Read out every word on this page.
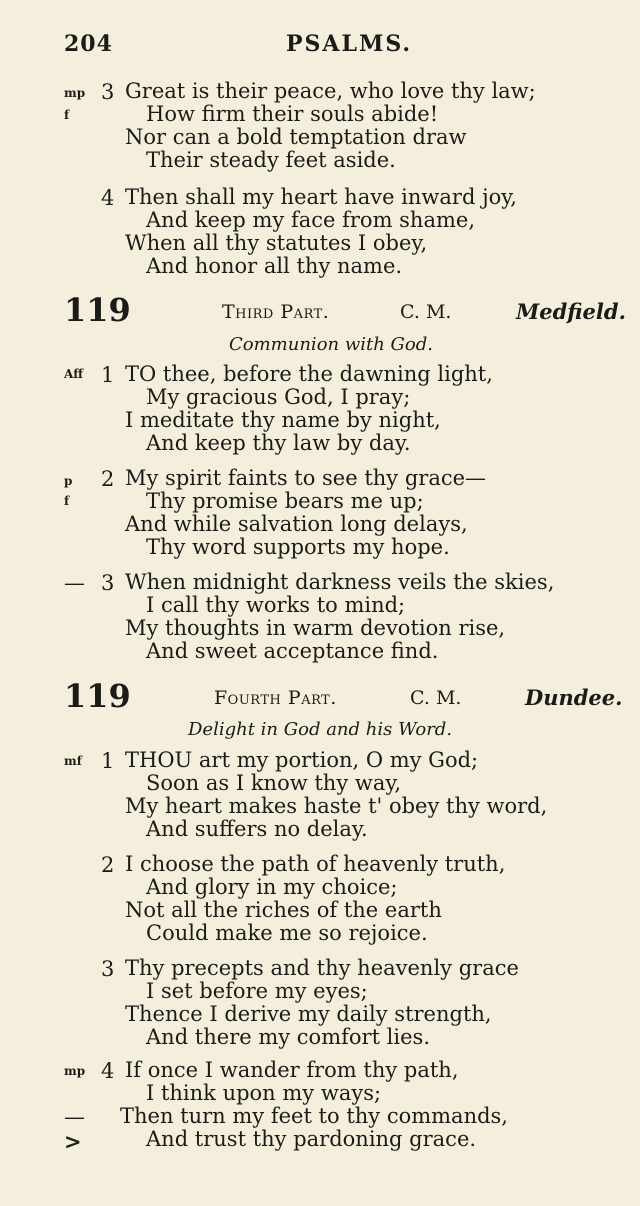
204	PSALMS.
mp 3 Great is their peace, who love thy law;
f	How firm their souls abide!
Nor can a bold temptation draw
Their steady feet aside.
4 Then shall my heart have inward joy,
And keep my face from shame,
When all thy statutes I obey,
And honor all thy name.
119	Third Part.	C. M.	Medfield.
Communion with God.
Aff 1 TO thee, before the dawning light,
My gracious God, I pray;
I meditate thy name by night,
And keep thy law by day.
p 2 My spirit faints to see thy grace—
f	Thy promise bears me up;
And while salvation long delays,
Thy word supports my hope.
— 3 When midnight darkness veils the skies,
I call thy works to mind;
My thoughts in warm devotion rise,
And sweet acceptance find.
119	Fourth Part.	C. M.	Dundee.
Delight in God and his Word.
mf 1 THOU art my portion, O my God;
Soon as I know thy way,
My heart makes haste t' obey thy word,
And suffers no delay.
2 I choose the path of heavenly truth,
And glory in my choice;
Not all the riches of the earth
Could make me so rejoice.
3 Thy precepts and thy heavenly grace
I set before my eyes;
Thence I derive my daily strength,
And there my comfort lies.
mp 4 If once I wander from thy path,
I think upon my ways;
— Then turn my feet to thy commands,
>	And trust thy pardoning grace.
